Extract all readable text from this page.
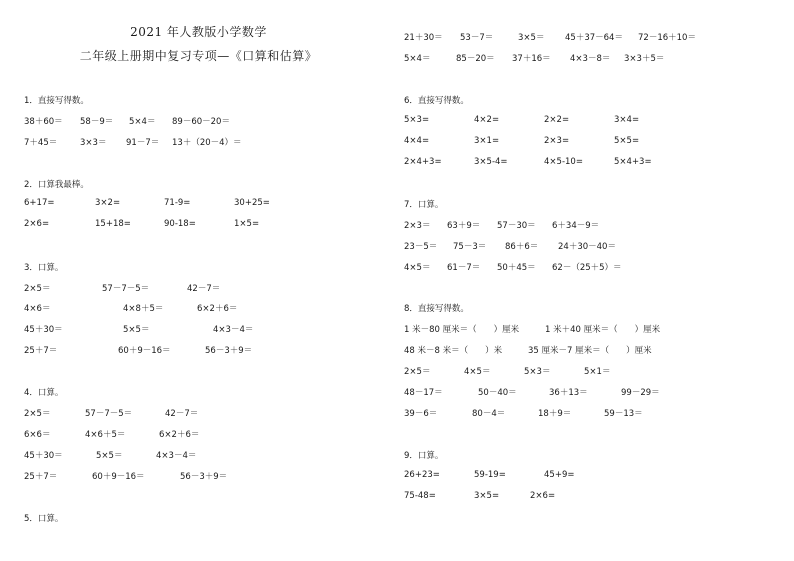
2021 年人教版小学数学
二年级上册期中复习专项—《口算和估算》
1．直接写得数。
38＋60＝ 58－9＝ 5×4＝ 89－60－20＝
7＋45＝	3×3＝ 91－7＝ 13＋（20－4）＝
2．口算我最棒。
6+17=	3×2=	71-9=	30+25=
2×6=	15+18=	90-18=	1×5=
3．口算。
2×5＝	57－7－5＝	42－7＝
4×6＝	4×8＋5＝	6×2＋6＝
45＋30＝	5×5＝	4×3－4＝
25＋7＝	60＋9－16＝	56－3＋9＝
4．口算。
2×5＝	57－7－5＝	42－7＝
6×6＝	4×6＋5＝	6×2＋6＝
45＋30＝	5×5＝	4×3－4＝
25＋7＝	60＋9－16＝	56－3＋9＝
5．口算。
21＋30＝ 53－7＝	3×5＝ 45＋37－64＝ 72－16＋10＝
5×4＝	85－20＝ 37＋16＝ 4×3－8＝ 3×3＋5＝
6．直接写得数。
5×3=	4×2=	2×2=	3×4=
4×4=	3×1=	2×3=	5×5=
2×4+3=	3×5-4=	4×5-10=	5×4+3=
7．口算。
2×3＝ 63＋9＝ 57－30＝ 6＋34－9＝
23－5＝ 75－3＝ 86＋6＝ 24＋30－40＝
4×5＝ 61－7＝ 50＋45＝ 62－（25＋5）＝
8．直接写得数。
1 米－80 厘米＝（　　）厘米	1 米＋40 厘米＝（　　）厘米
48 米－8 米＝（　　）米	35 厘米－7 厘米＝（　　）厘米
2×5＝	4×5＝	5×3＝	5×1＝
48－17＝	50－40＝	36＋13＝	99－29＝
39－6＝	80－4＝	18＋9＝	59－13＝
9．口算。
26+23=	59-19=	45+9=
75-48=	3×5=	2×6=
